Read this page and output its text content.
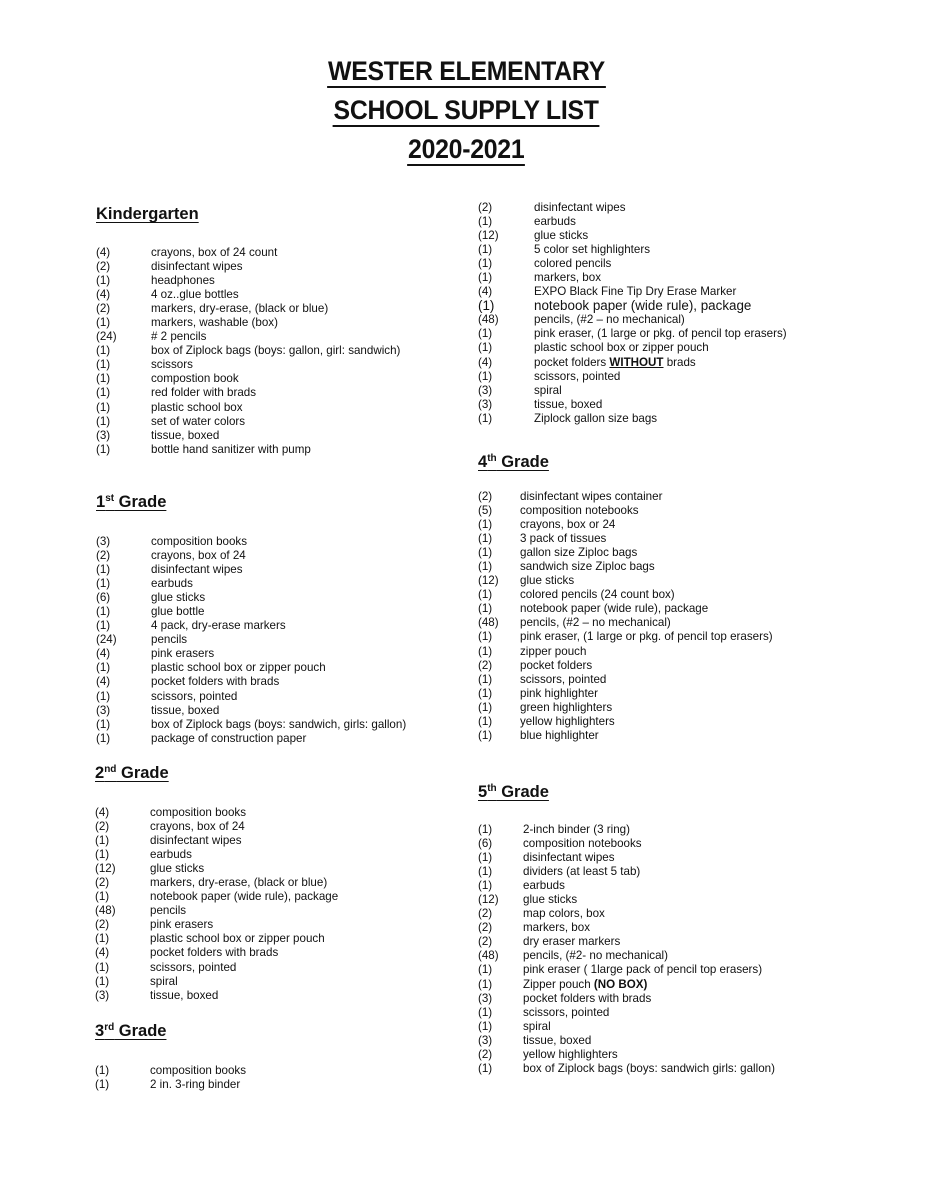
WESTER ELEMENTARY
SCHOOL SUPPLY LIST
2020-2021
Kindergarten
(4)	crayons, box of 24 count
(2)	disinfectant wipes
(1)	headphones
(4)	4 oz..glue bottles
(2)	markers, dry-erase, (black or blue)
(1)	markers, washable (box)
(24)	# 2 pencils
(1)	box of Ziplock bags (boys: gallon, girl: sandwich)
(1)	scissors
(1)	compostion book
(1)	red folder with brads
(1)	plastic school box
(1)	set of water colors
(3)	tissue, boxed
(1)	bottle hand sanitizer with pump
1st Grade
(3)	composition books
(2)	crayons, box of 24
(1)	disinfectant wipes
(1)	earbuds
(6)	glue sticks
(1)	glue bottle
(1)	4 pack, dry-erase markers
(24)	pencils
(4)	pink erasers
(1)	plastic school box or zipper pouch
(4)	pocket folders with brads
(1)	scissors, pointed
(3)	tissue, boxed
(1)	box of Ziplock bags (boys: sandwich, girls: gallon)
(1)	package of construction paper
2nd Grade
(4)	composition books
(2)	crayons, box of 24
(1)	disinfectant wipes
(1)	earbuds
(12)	glue sticks
(2)	markers, dry-erase, (black or blue)
(1)	notebook paper (wide rule), package
(48)	pencils
(2)	pink erasers
(1)	plastic school box or zipper pouch
(4)	pocket folders with brads
(1)	scissors, pointed
(1)	spiral
(3)	tissue, boxed
3rd Grade
(1)	composition books
(1)	2 in. 3-ring binder
(2)	disinfectant wipes
(1)	earbuds
(12)	glue sticks
(1)	5 color set highlighters
(1)	colored pencils
(1)	markers, box
(4)	EXPO Black Fine Tip Dry Erase Marker
(1)	notebook paper (wide rule), package
(48)	pencils, (#2 – no mechanical)
(1)	pink eraser, (1 large or pkg. of pencil top erasers)
(1)	plastic school box or zipper pouch
(4)	pocket folders WITHOUT brads
(1)	scissors, pointed
(3)	spiral
(3)	tissue, boxed
(1)	Ziplock gallon size bags
4th Grade
(2)	disinfectant wipes container
(5)	composition notebooks
(1)	crayons, box or 24
(1)	3 pack of tissues
(1)	gallon size Ziploc bags
(1)	sandwich size Ziploc bags
(12)	glue sticks
(1)	colored pencils (24 count box)
(1)	notebook paper (wide rule), package
(48)	pencils, (#2 – no mechanical)
(1)	pink eraser, (1 large or pkg. of pencil top erasers)
(1)	zipper pouch
(2)	pocket folders
(1)	scissors, pointed
(1)	pink highlighter
(1)	green highlighters
(1)	yellow highlighters
(1)	blue highlighter
5th Grade
(1)	2-inch binder (3 ring)
(6)	composition notebooks
(1)	disinfectant wipes
(1)	dividers (at least 5 tab)
(1)	earbuds
(12)	glue sticks
(2)	map colors, box
(2)	markers, box
(2)	dry eraser markers
(48)	pencils, (#2- no mechanical)
(1)	pink eraser ( 1large pack of pencil top erasers)
(1)	Zipper pouch (NO BOX)
(3)	pocket folders with brads
(1)	scissors, pointed
(1)	spiral
(3)	tissue, boxed
(2)	yellow highlighters
(1)	box of Ziplock bags (boys: sandwich girls: gallon)
